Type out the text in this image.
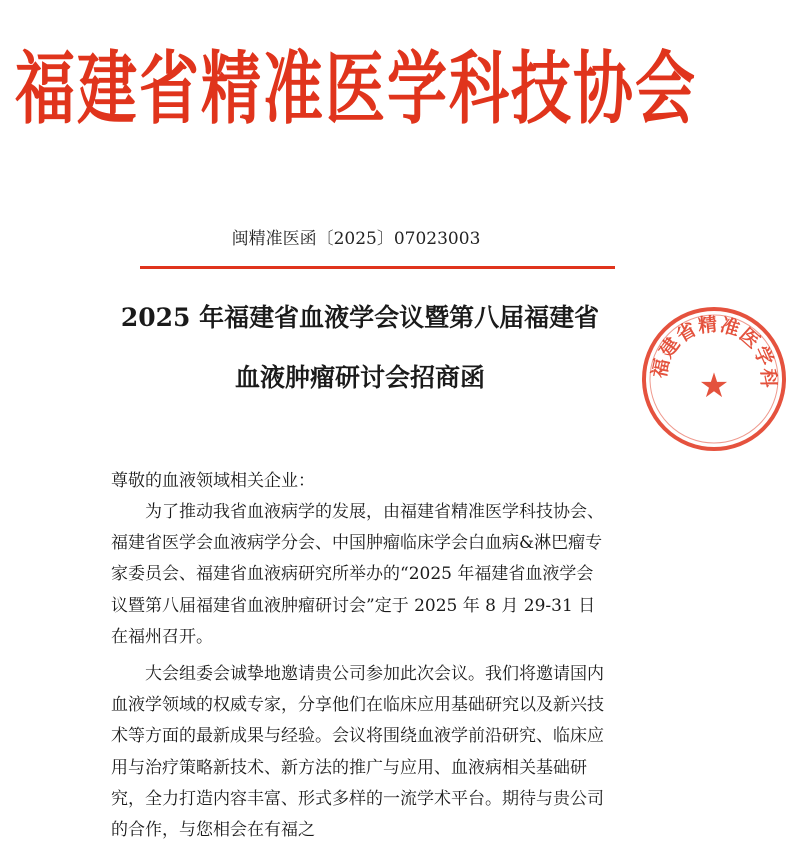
福建省精准医学科技协会
闽精准医函〔2025〕07023003
2025 年福建省血液学会议暨第八届福建省
血液肿瘤研讨会招商函	福建省精准医学科
★
尊敬的血液领域相关企业：

为了推动我省血液病学的发展，由福建省精准医学科技协会、福建省医学会血液病学分会、中国肿瘤临床学会白血病&淋巴瘤专家委员会、福建省血液病研究所举办的“2025 年福建省血液学会议暨第八届福建省血液肿瘤研讨会”定于 2025 年 8 月 29-31 日在福州召开。

大会组委会诚挚地邀请贵公司参加此次会议。我们将邀请国内血液学领域的权威专家，分享他们在临床应用基础研究以及新兴技术等方面的最新成果与经验。会议将围绕血液学前沿研究、临床应用与治疗策略新技术、新方法的推广与应用、血液病相关基础研究，全力打造内容丰富、形式多样的一流学术平台。期待与贵公司的合作，与您相会在有福之
